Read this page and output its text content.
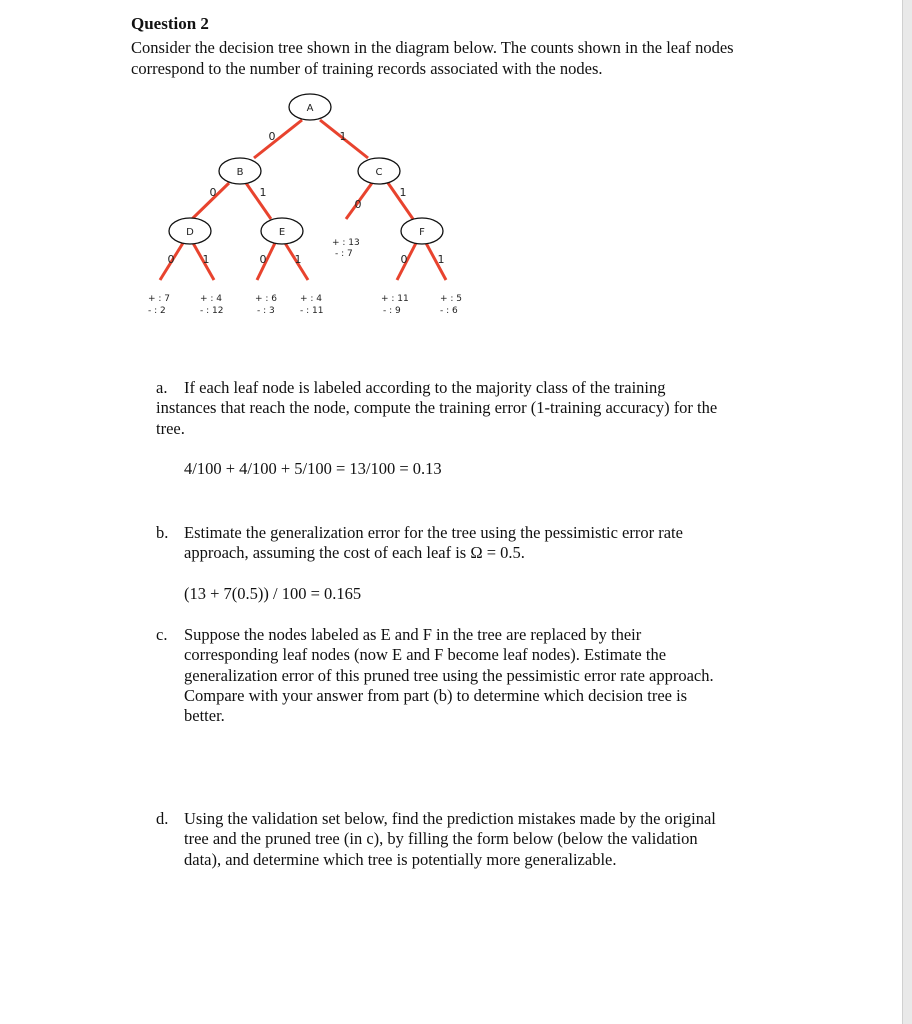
Question 2

Consider the decision tree shown in the diagram below. The counts shown in the leaf nodes correspond to the number of training records associated with the nodes.

A
B	C
D	E	F
0	1
0	1
0
1
0	1	0	1	0	1
+ : 13
- : 7
+ : 7
- : 2
+ : 4
- : 12
+ : 6
- : 3
+ : 4
- : 11
+ : 11
- : 9
+ : 5
- : 6
a. If each leaf node is labeled according to the majority class of the training
instances that reach the node, compute the training error (1-training accuracy) for the
tree.
4/100 + 4/100 + 5/100 = 13/100 = 0.13
b. Estimate the generalization error for the tree using the pessimistic error rate
approach, assuming the cost of each leaf is Ω = 0.5.
(13 + 7(0.5)) / 100 = 0.165
c. Suppose the nodes labeled as E and F in the tree are replaced by their
corresponding leaf nodes (now E and F become leaf nodes). Estimate the
generalization error of this pruned tree using the pessimistic error rate approach.
Compare with your answer from part (b) to determine which decision tree is
better.
d. Using the validation set below, find the prediction mistakes made by the original
tree and the pruned tree (in c), by filling the form below (below the validation
data), and determine which tree is potentially more generalizable.
